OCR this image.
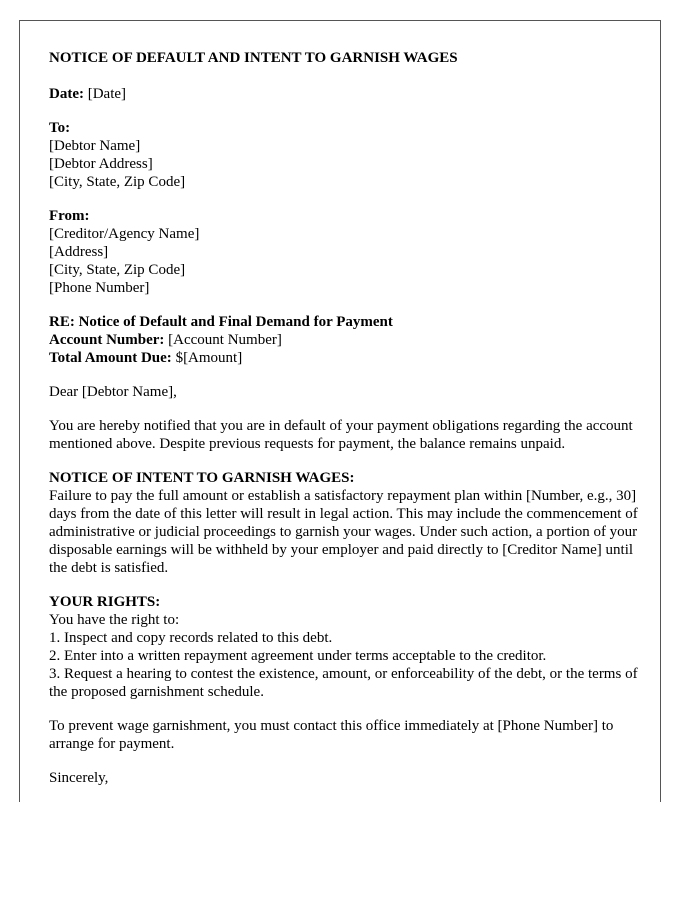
NOTICE OF DEFAULT AND INTENT TO GARNISH WAGES
Date: [Date]
To:
[Debtor Name]
[Debtor Address]
[City, State, Zip Code]
From:
[Creditor/Agency Name]
[Address]
[City, State, Zip Code]
[Phone Number]
RE: Notice of Default and Final Demand for Payment
Account Number: [Account Number]
Total Amount Due: $[Amount]
Dear [Debtor Name],
You are hereby notified that you are in default of your payment obligations regarding the account mentioned above. Despite previous requests for payment, the balance remains unpaid.
NOTICE OF INTENT TO GARNISH WAGES:
Failure to pay the full amount or establish a satisfactory repayment plan within [Number, e.g., 30] days from the date of this letter will result in legal action. This may include the commencement of administrative or judicial proceedings to garnish your wages. Under such action, a portion of your disposable earnings will be withheld by your employer and paid directly to [Creditor Name] until the debt is satisfied.
YOUR RIGHTS:
You have the right to:
1. Inspect and copy records related to this debt.
2. Enter into a written repayment agreement under terms acceptable to the creditor.
3. Request a hearing to contest the existence, amount, or enforceability of the debt, or the terms of the proposed garnishment schedule.
To prevent wage garnishment, you must contact this office immediately at [Phone Number] to arrange for payment.
Sincerely,
